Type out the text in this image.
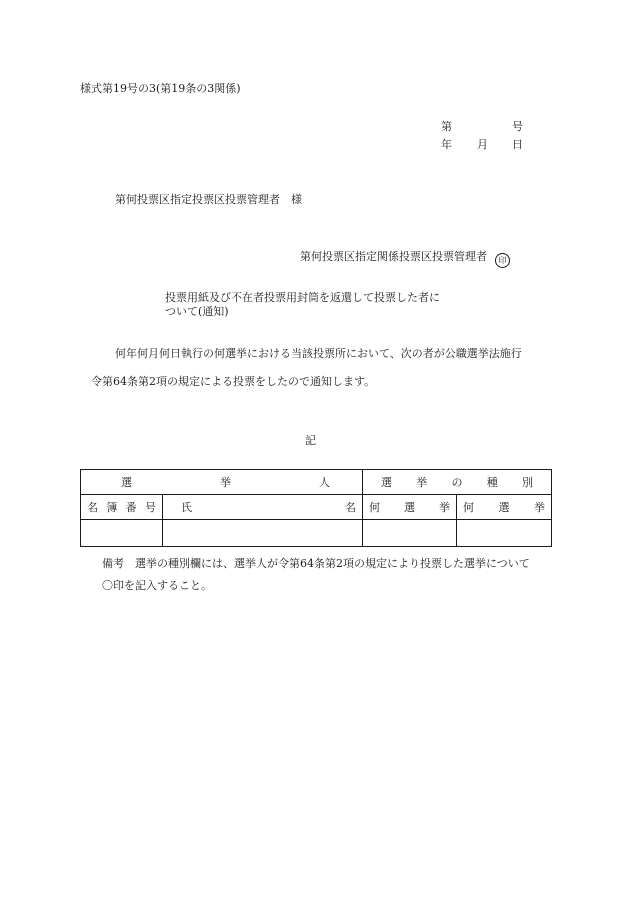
様式第19号の3(第19条の3関係)
第	号
年 月 日
第何投票区指定投票区投票管理者　様
第何投票区指定関係投票区投票管理者 印
投票用紙及び不在者投票用封筒を返還して投票した者に
ついて(通知)
何年何月何日執行の何選挙における当該投票所において、次の者が公職選挙法施行
令第64条第2項の規定による投票をしたので通知します。
記
選 挙 人		選 挙 の 種 別	

名 簿 番 号	氏 名	何 選 挙	何 選 挙

備考　選挙の種別欄には、選挙人が令第64条第2項の規定により投票した選挙について
〇印を記入すること。
